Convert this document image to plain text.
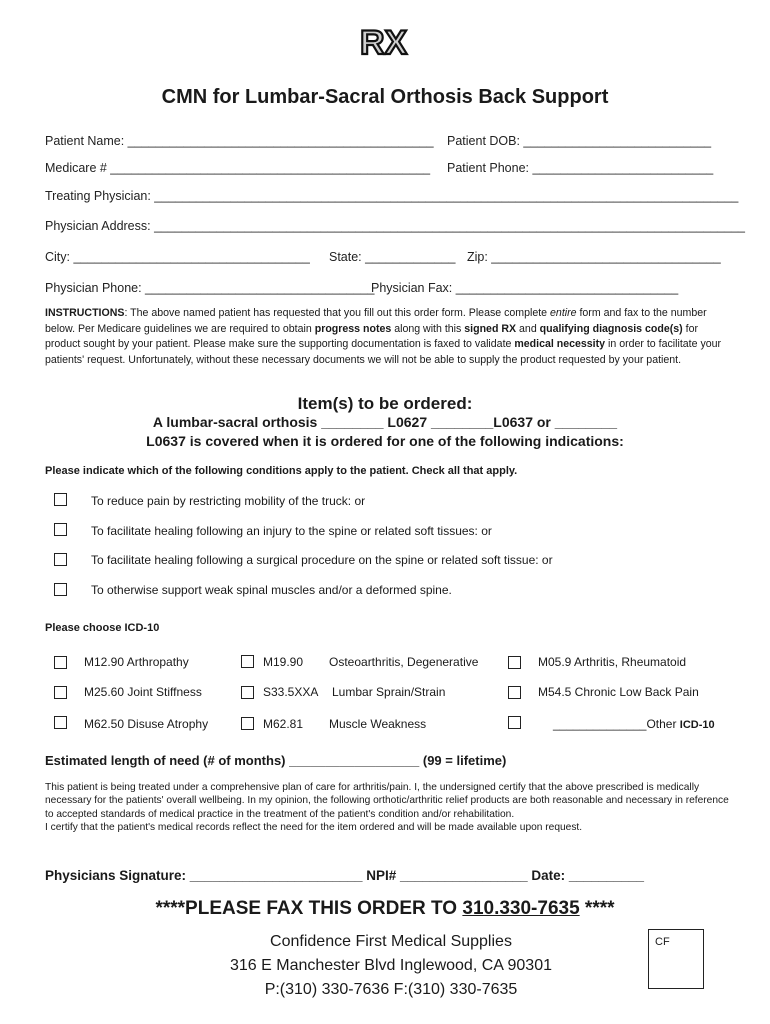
RX
CMN for Lumbar-Sacral Orthosis Back Support
Patient Name: ____________________________________________ Patient DOB: ___________________________
Medicare # ______________________________________________ Patient Phone: __________________________
Treating Physician: ____________________________________________________________________________________
Physician Address: _____________________________________________________________________________________
City: __________________________________ State: _____________ Zip: _________________________________
Physician Phone: _________________________________
Physician Fax: ________________________________
INSTRUCTIONS: The above named patient has requested that you fill out this order form. Please complete entire form and fax to the number below. Per Medicare guidelines we are required to obtain progress notes along with this signed RX and qualifying diagnosis code(s) for product sought by your patient. Please make sure the supporting documentation is faxed to validate medical necessity in order to facilitate your patients' request. Unfortunately, without these necessary documents we will not be able to supply the product requested by your patient.
Item(s) to be ordered:
A lumbar-sacral orthosis ________ L0627 ________L0637 or ________
L0637 is covered when it is ordered for one of the following indications:
Please indicate which of the following conditions apply to the patient. Check all that apply.
To reduce pain by restricting mobility of the truck: or
To facilitate healing following an injury to the spine or related soft tissues: or
To facilitate healing following a surgical procedure on the spine or related soft tissue: or
To otherwise support weak spinal muscles and/or a deformed spine.
Please choose ICD-10
M12.90 Arthropathy	M19.90 Osteoarthritis, Degenerative	M05.9 Arthritis, Rheumatoid
M25.60 Joint Stiffness	S33.5XXA Lumbar Sprain/Strain	M54.5 Chronic Low Back Pain
M62.50 Disuse Atrophy	M62.81 Muscle Weakness	______________Other ICD-10
Estimated length of need (# of months) __________________ (99 = lifetime)
This patient is being treated under a comprehensive plan of care for arthritis/pain. I, the undersigned certify that the above prescribed is medically necessary for the patients' overall wellbeing. In my opinion, the following orthotic/arthritic relief products are both reasonable and necessary in reference to accepted standards of medical practice in the treatment of the patient's condition and/or rehabilitation.
I certify that the patient's medical records reflect the need for the item ordered and will be made available upon request.
Physicians Signature: _______________________ NPI# _________________ Date: __________
****PLEASE FAX THIS ORDER TO 310.330-7635 ****
Confidence First Medical Supplies
316 E Manchester Blvd Inglewood, CA 90301
P:(310) 330-7636 F:(310) 330-7635
CF
